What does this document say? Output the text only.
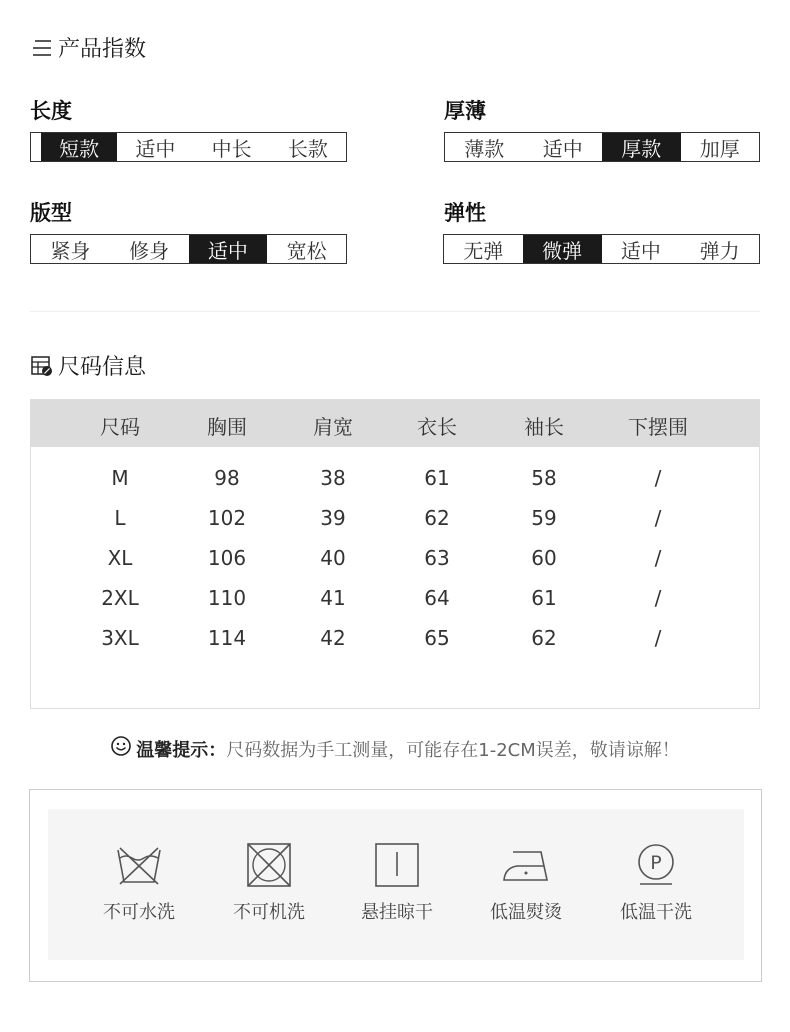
产品指数
长度
短款	适中	中长	长款
厚薄
薄款	适中	厚款	加厚
版型
紧身	修身	适中	宽松
弹性
无弹	微弹	适中	弹力
尺码信息
尺码	胸围	肩宽	衣长	袖长	下摆围
M	98	38	61	58	/
L	102	39	62	59	/
XL	106	40	63	60	/
2XL	110	41	64	61	/
3XL	114	42	65	62	/
温馨提示： 尺码数据为手工测量，可能存在1-2CM误差，敬请谅解！
不可水洗	不可机洗	悬挂晾干	低温熨烫
P
低温干洗
